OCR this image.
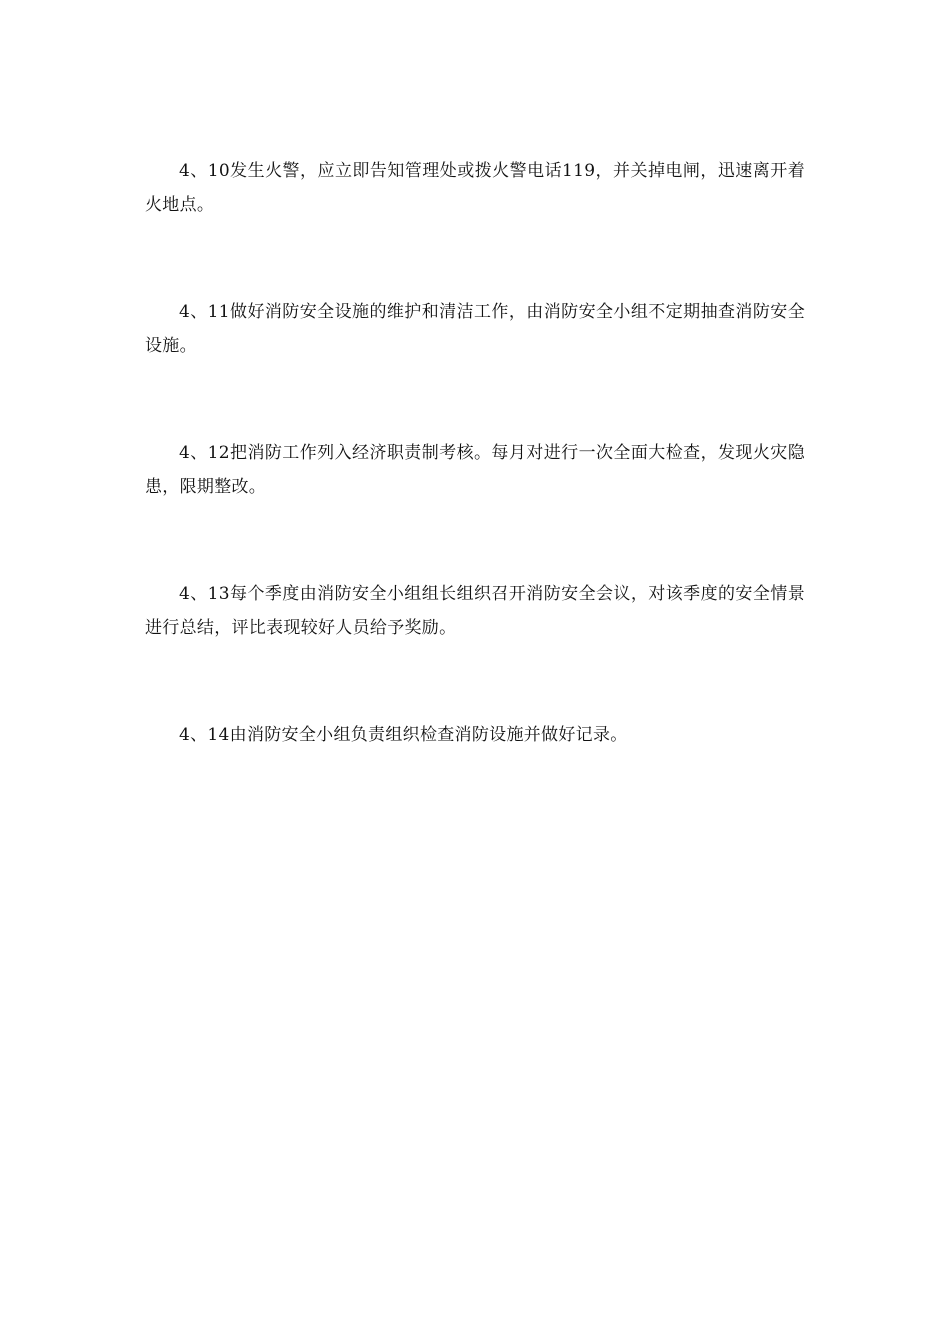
4、10发生火警，应立即告知管理处或拨火警电话119，并关掉电闸，迅速离开着火地点。

4、11做好消防安全设施的维护和清洁工作，由消防安全小组不定期抽查消防安全设施。

4、12把消防工作列入经济职责制考核。每月对进行一次全面大检查，发现火灾隐患，限期整改。

4、13每个季度由消防安全小组组长组织召开消防安全会议，对该季度的安全情景进行总结，评比表现较好人员给予奖励。

4、14由消防安全小组负责组织检查消防设施并做好记录。
